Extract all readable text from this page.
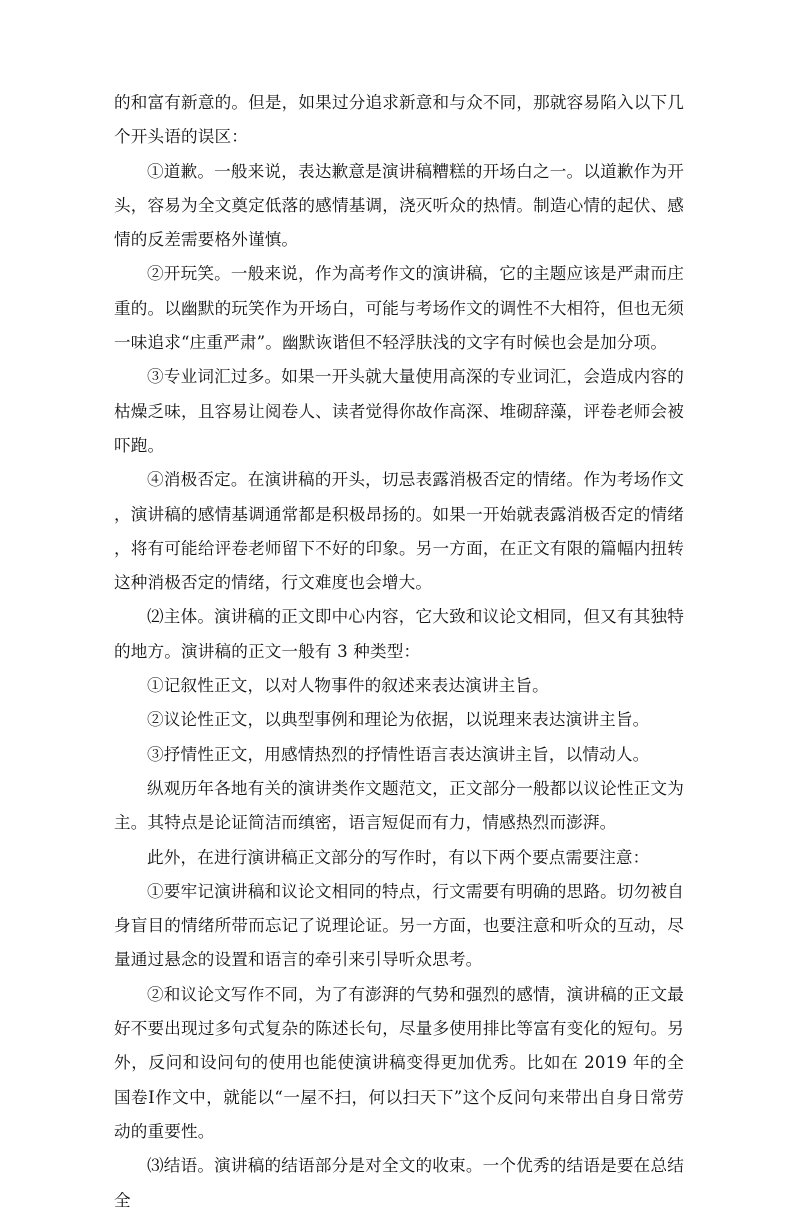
的和富有新意的。但是，如果过分追求新意和与众不同，那就容易陷入以下几个开头语的误区：

①道歉。一般来说，表达歉意是演讲稿糟糕的开场白之一。以道歉作为开头，容易为全文奠定低落的感情基调，浇灭听众的热情。制造心情的起伏、感情的反差需要格外谨慎。

②开玩笑。一般来说，作为高考作文的演讲稿，它的主题应该是严肃而庄重的。以幽默的玩笑作为开场白，可能与考场作文的调性不大相符，但也无须一味追求“庄重严肃”。幽默诙谐但不轻浮肤浅的文字有时候也会是加分项。

③专业词汇过多。如果一开头就大量使用高深的专业词汇，会造成内容的枯燥乏味，且容易让阅卷人、读者觉得你故作高深、堆砌辞藻，评卷老师会被吓跑。

④消极否定。在演讲稿的开头，切忌表露消极否定的情绪。作为考场作文，演讲稿的感情基调通常都是积极昂扬的。如果一开始就表露消极否定的情绪，将有可能给评卷老师留下不好的印象。另一方面，在正文有限的篇幅内扭转这种消极否定的情绪，行文难度也会增大。

⑵主体。演讲稿的正文即中心内容，它大致和议论文相同，但又有其独特的地方。演讲稿的正文一般有 3 种类型：

①记叙性正文，以对人物事件的叙述来表达演讲主旨。

②议论性正文，以典型事例和理论为依据，以说理来表达演讲主旨。

③抒情性正文，用感情热烈的抒情性语言表达演讲主旨，以情动人。

纵观历年各地有关的演讲类作文题范文，正文部分一般都以议论性正文为主。其特点是论证简洁而缜密，语言短促而有力，情感热烈而澎湃。

此外，在进行演讲稿正文部分的写作时，有以下两个要点需要注意：

①要牢记演讲稿和议论文相同的特点，行文需要有明确的思路。切勿被自身盲目的情绪所带而忘记了说理论证。另一方面，也要注意和听众的互动，尽量通过悬念的设置和语言的牵引来引导听众思考。

②和议论文写作不同，为了有澎湃的气势和强烈的感情，演讲稿的正文最好不要出现过多句式复杂的陈述长句，尽量多使用排比等富有变化的短句。另外，反问和设问句的使用也能使演讲稿变得更加优秀。比如在 2019 年的全国卷Ⅰ作文中，就能以“一屋不扫，何以扫天下”这个反问句来带出自身日常劳动的重要性。

⑶结语。演讲稿的结语部分是对全文的收束。一个优秀的结语是要在总结全
